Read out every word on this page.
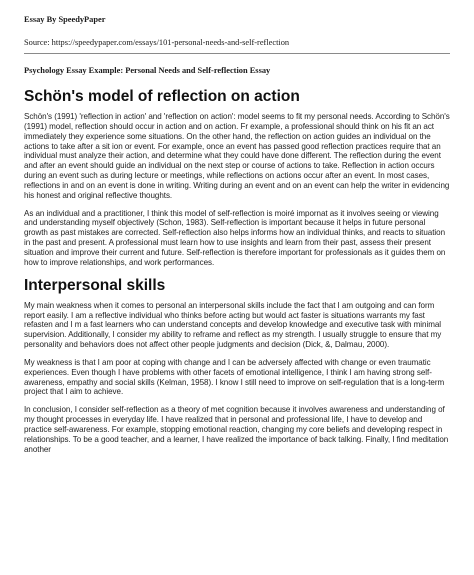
Essay By SpeedyPaper
Source: https://speedypaper.com/essays/101-personal-needs-and-self-reflection
Psychology Essay Example: Personal Needs and Self-reflection Essay
Schön's model of reflection on action

Schön's (1991) 'reflection in action' and 'reflection on action': model seems to fit my personal needs. According to Schön's (1991) model, reflection should occur in action and on action. Fr example, a professional should think on his fit an act immediately they experience some situations. On the other hand, the reflection on action guides an individual on the actions to take after a sit ion or event. For example, once an event has passed good reflection practices require that an individual must analyze their action, and determine what they could have done different. The reflection during the event and after an event should guide an individual on the next step or course of actions to take. Reflection in action occurs during an event such as during lecture or meetings, while reflections on actions occur after an event. In most cases, reflections in and on an event is done in writing. Writing during an event and on an event can help the writer in evidencing his honest and original reflective thoughts.

As an individual and a practitioner, I think this model of self-reflection is moiré impornat as it involves seeing or viewing and understanding myself objectively (Schon, 1983). Self-reflection is important because it helps in future personal growth as past mistakes are corrected. Self-reflection also helps informs how an individual thinks, and reacts to situation in the past and present. A professional must learn how to use insights and learn from their past, assess their present situation and improve their current and future. Self-reflection is therefore important for professionals as it guides them on how to improve relationships, and work performances.

Interpersonal skills

My main weakness when it comes to personal an interpersonal skills include the fact that I am outgoing and can form report easily. I am a reflective individual who thinks before acting but would act faster is situations warrants my fast refasten and I m a fast learners who can understand concepts and develop knowledge and executive task with minimal supervision. Additionally, I consider my ability to reframe and reflect as my strength. I usually struggle to ensure that my personality and behaviors does not affect other people judgments and decision (Dick, &, Dalmau, 2000).

My weakness is that I am poor at coping with change and I can be adversely affected with change or even traumatic experiences. Even though I have problems with other facets of emotional intelligence, I think I am having strong self-awareness, empathy and social skills (Kelman, 1958). I know I still need to improve on self-regulation that is a long-term project that I aim to achieve.

In conclusion, I consider self-reflection as a theory of met cognition because it involves awareness and understanding of my thought processes in everyday life. I have realized that in personal and professional life, I have to develop and practice self-awareness. For example, stopping emotional reaction, changing my core beliefs and developing respect in relationships. To be a good teacher, and a learner, I have realized the importance of back talking. Finally, I find meditation another
